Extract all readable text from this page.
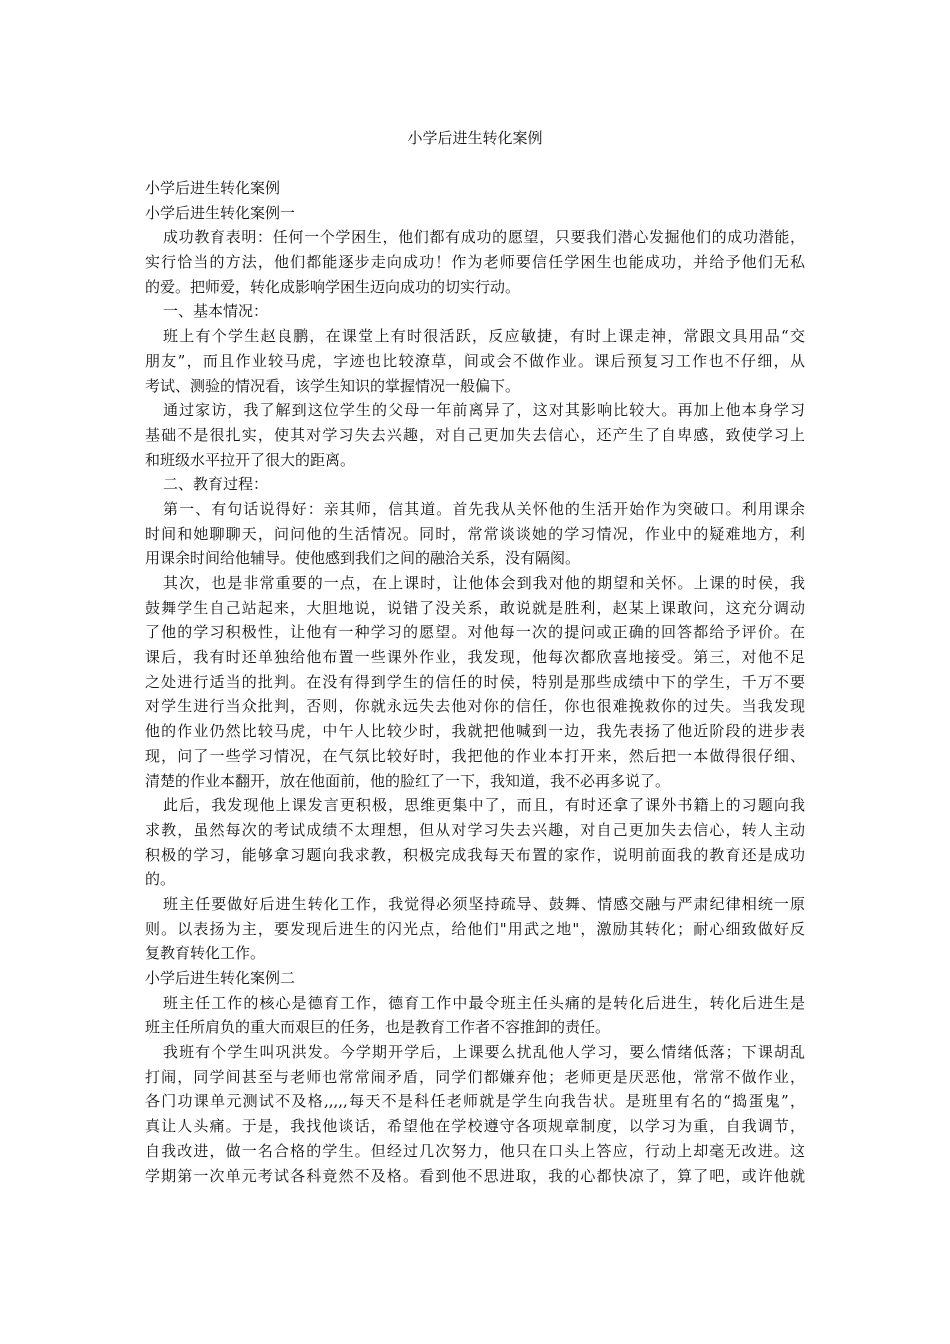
小学后进生转化案例
小学后进生转化案例
小学后进生转化案例一
成功教育表明：任何一个学困生，他们都有成功的愿望，只要我们潜心发掘他们的成功潜能，
实行恰当的方法，他们都能逐步走向成功！作为老师要信任学困生也能成功，并给予他们无私
的爱。把师爱，转化成影响学困生迈向成功的切实行动。
一、基本情况：
班上有个学生赵良鹏，在课堂上有时很活跃，反应敏捷，有时上课走神，常跟文具用品“交
朋友”，而且作业较马虎，字迹也比较潦草，间或会不做作业。课后预复习工作也不仔细，从
考试、测验的情况看，该学生知识的掌握情况一般偏下。
通过家访，我了解到这位学生的父母一年前离异了，这对其影响比较大。再加上他本身学习
基础不是很扎实，使其对学习失去兴趣，对自己更加失去信心，还产生了自卑感，致使学习上
和班级水平拉开了很大的距离。
二、教育过程：
第一、有句话说得好：亲其师，信其道。首先我从关怀他的生活开始作为突破口。利用课余
时间和她聊聊天，问问他的生活情况。同时，常常谈谈她的学习情况，作业中的疑难地方，利
用课余时间给他辅导。使他感到我们之间的融洽关系，没有隔阂。
其次，也是非常重要的一点，在上课时，让他体会到我对他的期望和关怀。上课的时侯，我
鼓舞学生自己站起来，大胆地说，说错了没关系，敢说就是胜利，赵某上课敢问，这充分调动
了他的学习积极性，让他有一种学习的愿望。对他每一次的提问或正确的回答都给予评价。在
课后，我有时还单独给他布置一些课外作业，我发现，他每次都欣喜地接受。第三，对他不足
之处进行适当的批判。在没有得到学生的信任的时侯，特别是那些成绩中下的学生，千万不要
对学生进行当众批判，否则，你就永远失去他对你的信任，你也很难挽救你的过失。当我发现
他的作业仍然比较马虎，中午人比较少时，我就把他喊到一边，我先表扬了他近阶段的进步表
现，问了一些学习情况，在气氛比较好时，我把他的作业本打开来，然后把一本做得很仔细、
清楚的作业本翻开，放在他面前，他的脸红了一下，我知道，我不必再多说了。
此后，我发现他上课发言更积极，思维更集中了，而且，有时还拿了课外书籍上的习题向我
求教，虽然每次的考试成绩不太理想，但从对学习失去兴趣，对自己更加失去信心，转人主动
积极的学习，能够拿习题向我求教，积极完成我每天布置的家作，说明前面我的教育还是成功
的。
班主任要做好后进生转化工作，我觉得必须坚持疏导、鼓舞、情感交融与严肃纪律相统一原
则。以表扬为主，要发现后进生的闪光点，给他们"用武之地"，激励其转化；耐心细致做好反
复教育转化工作。
小学后进生转化案例二
班主任工作的核心是德育工作，德育工作中最令班主任头痛的是转化后进生，转化后进生是
班主任所肩负的重大而艰巨的任务，也是教育工作者不容推卸的责任。
我班有个学生叫巩洪发。今学期开学后，上课要么扰乱他人学习，要么情绪低落；下课胡乱
打闹，同学间甚至与老师也常常闹矛盾，同学们都嫌弃他；老师更是厌恶他，常常不做作业，
各门功课单元测试不及格,,,,,每天不是科任老师就是学生向我告状。是班里有名的“捣蛋鬼”，
真让人头痛。于是，我找他谈话，希望他在学校遵守各项规章制度，以学习为重，自我调节，
自我改进，做一名合格的学生。但经过几次努力，他只在口头上答应，行动上却毫无改进。这
学期第一次单元考试各科竟然不及格。看到他不思进取，我的心都快凉了，算了吧，或许他就
